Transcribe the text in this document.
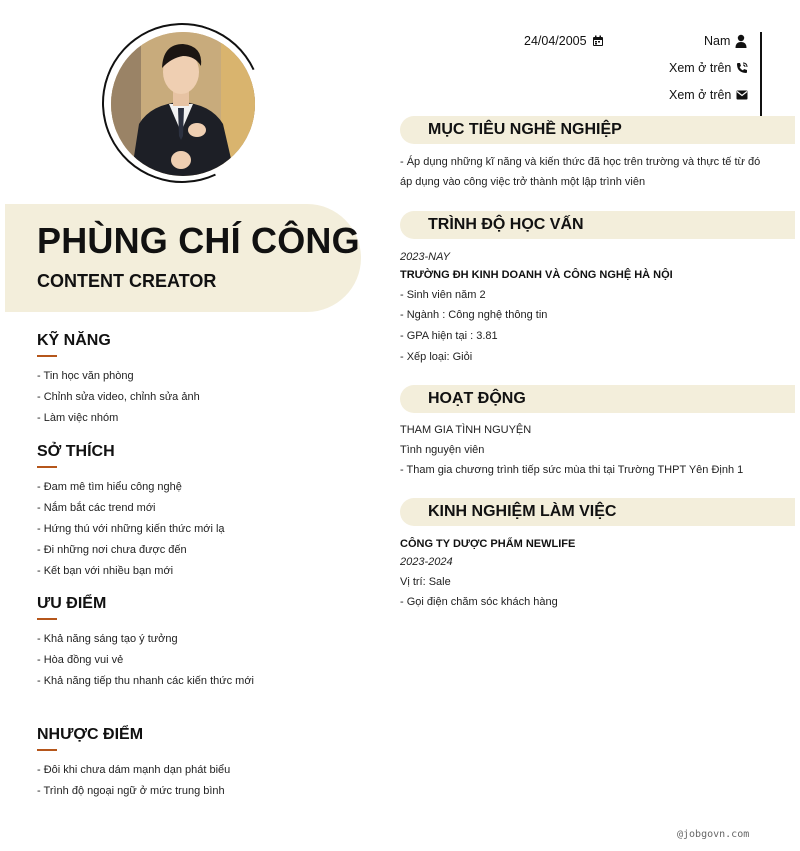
PHÙNG CHÍ CÔNG
CONTENT CREATOR
KỸ NĂNG
- Tin học văn phòng
- Chỉnh sửa video, chỉnh sửa ảnh
- Làm việc nhóm
SỞ THÍCH
- Đam mê tìm hiểu công nghệ
- Nắm bắt các trend mới
- Hứng thú với những kiến thức mới lạ
- Đi những nơi chưa được đến
- Kết bạn với nhiều bạn mới
ƯU ĐIỂM
- Khả năng sáng tạo ý tưởng
- Hòa đồng vui vẻ
- Khả năng tiếp thu nhanh các kiến thức mới
NHƯỢC ĐIỂM
- Đôi khi chưa dám mạnh dạn phát biểu
- Trình độ ngoại ngữ ở mức trung bình
24/04/2005	Nam
Xem ở trên
Xem ở trên
MỤC TIÊU NGHỀ NGHIỆP
- Áp dụng những kĩ năng và kiến thức đã học trên trường và thực tế từ đó áp dụng vào công việc trở thành một lập trình viên
TRÌNH ĐỘ HỌC VẤN
2023-NAY
TRƯỜNG ĐH KINH DOANH VÀ CÔNG NGHỆ HÀ NỘI
- Sinh viên năm 2
- Ngành : Công nghệ thông tin
- GPA hiện tại : 3.81
- Xếp loại: Giỏi
HOẠT ĐỘNG
THAM GIA TÌNH NGUYỆN
Tình nguyện viên
- Tham gia chương trình tiếp sức mùa thi tại Trường THPT Yên Định 1
KINH NGHIỆM LÀM VIỆC
CÔNG TY DƯỢC PHẨM NEWLIFE
2023-2024
Vị trí: Sale
- Gọi điện chăm sóc khách hàng
@jobgovn.com
